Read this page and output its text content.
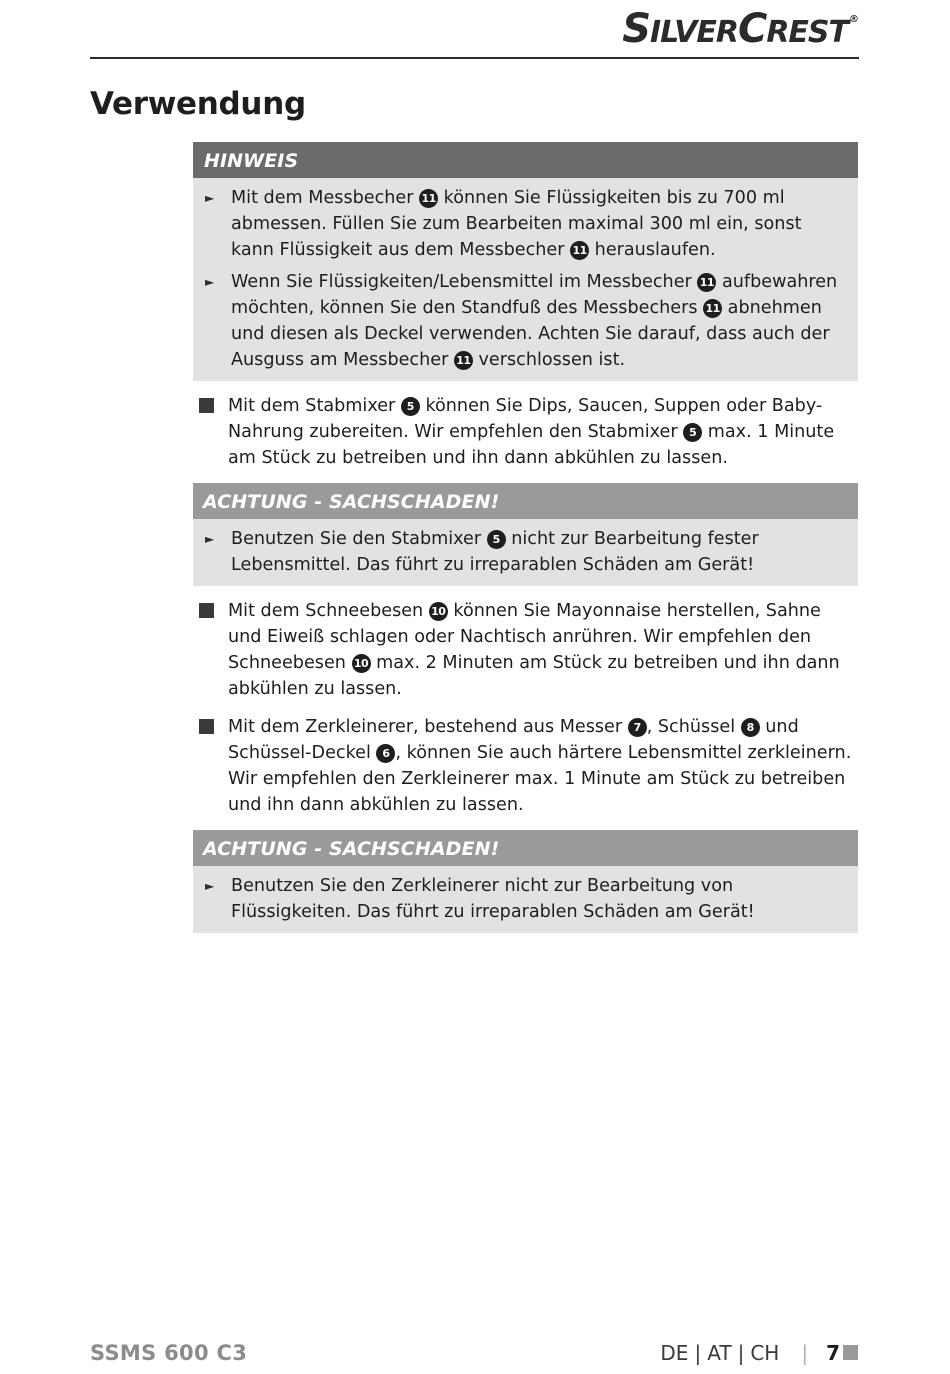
SILVERCREST®
Verwendung
HINWEIS
► Mit dem Messbecher 11 können Sie Flüssigkeiten bis zu 700 ml abmessen. Füllen Sie zum Bearbeiten maximal 300 ml ein, sonst kann Flüssigkeit aus dem Messbecher 11 herauslaufen.
► Wenn Sie Flüssigkeiten/Lebensmittel im Messbecher 11 aufbewahren möchten, können Sie den Standfuß des Messbechers 11 abnehmen und diesen als Deckel verwenden. Achten Sie darauf, dass auch der Ausguss am Messbecher 11 verschlossen ist.
Mit dem Stabmixer 5 können Sie Dips, Saucen, Suppen oder Baby-Nahrung zubereiten. Wir empfehlen den Stabmixer 5 max. 1 Minute am Stück zu betreiben und ihn dann abkühlen zu lassen.
ACHTUNG - SACHSCHADEN!
► Benutzen Sie den Stabmixer 5 nicht zur Bearbeitung fester Lebensmittel. Das führt zu irreparablen Schäden am Gerät!
Mit dem Schneebesen 10 können Sie Mayonnaise herstellen, Sahne und Eiweiß schlagen oder Nachtisch anrühren. Wir empfehlen den Schneebesen 10 max. 2 Minuten am Stück zu betreiben und ihn dann abkühlen zu lassen.
Mit dem Zerkleinerer, bestehend aus Messer 7 , Schüssel 8 und Schüssel-Deckel 6 , können Sie auch härtere Lebensmittel zerkleinern. Wir empfehlen den Zerkleinerer max. 1 Minute am Stück zu betreiben und ihn dann abkühlen zu lassen.
ACHTUNG - SACHSCHADEN!
► Benutzen Sie den Zerkleinerer nicht zur Bearbeitung von Flüssigkeiten. Das führt zu irreparablen Schäden am Gerät!
SSMS 600 C3	DE | AT | CH | 7
